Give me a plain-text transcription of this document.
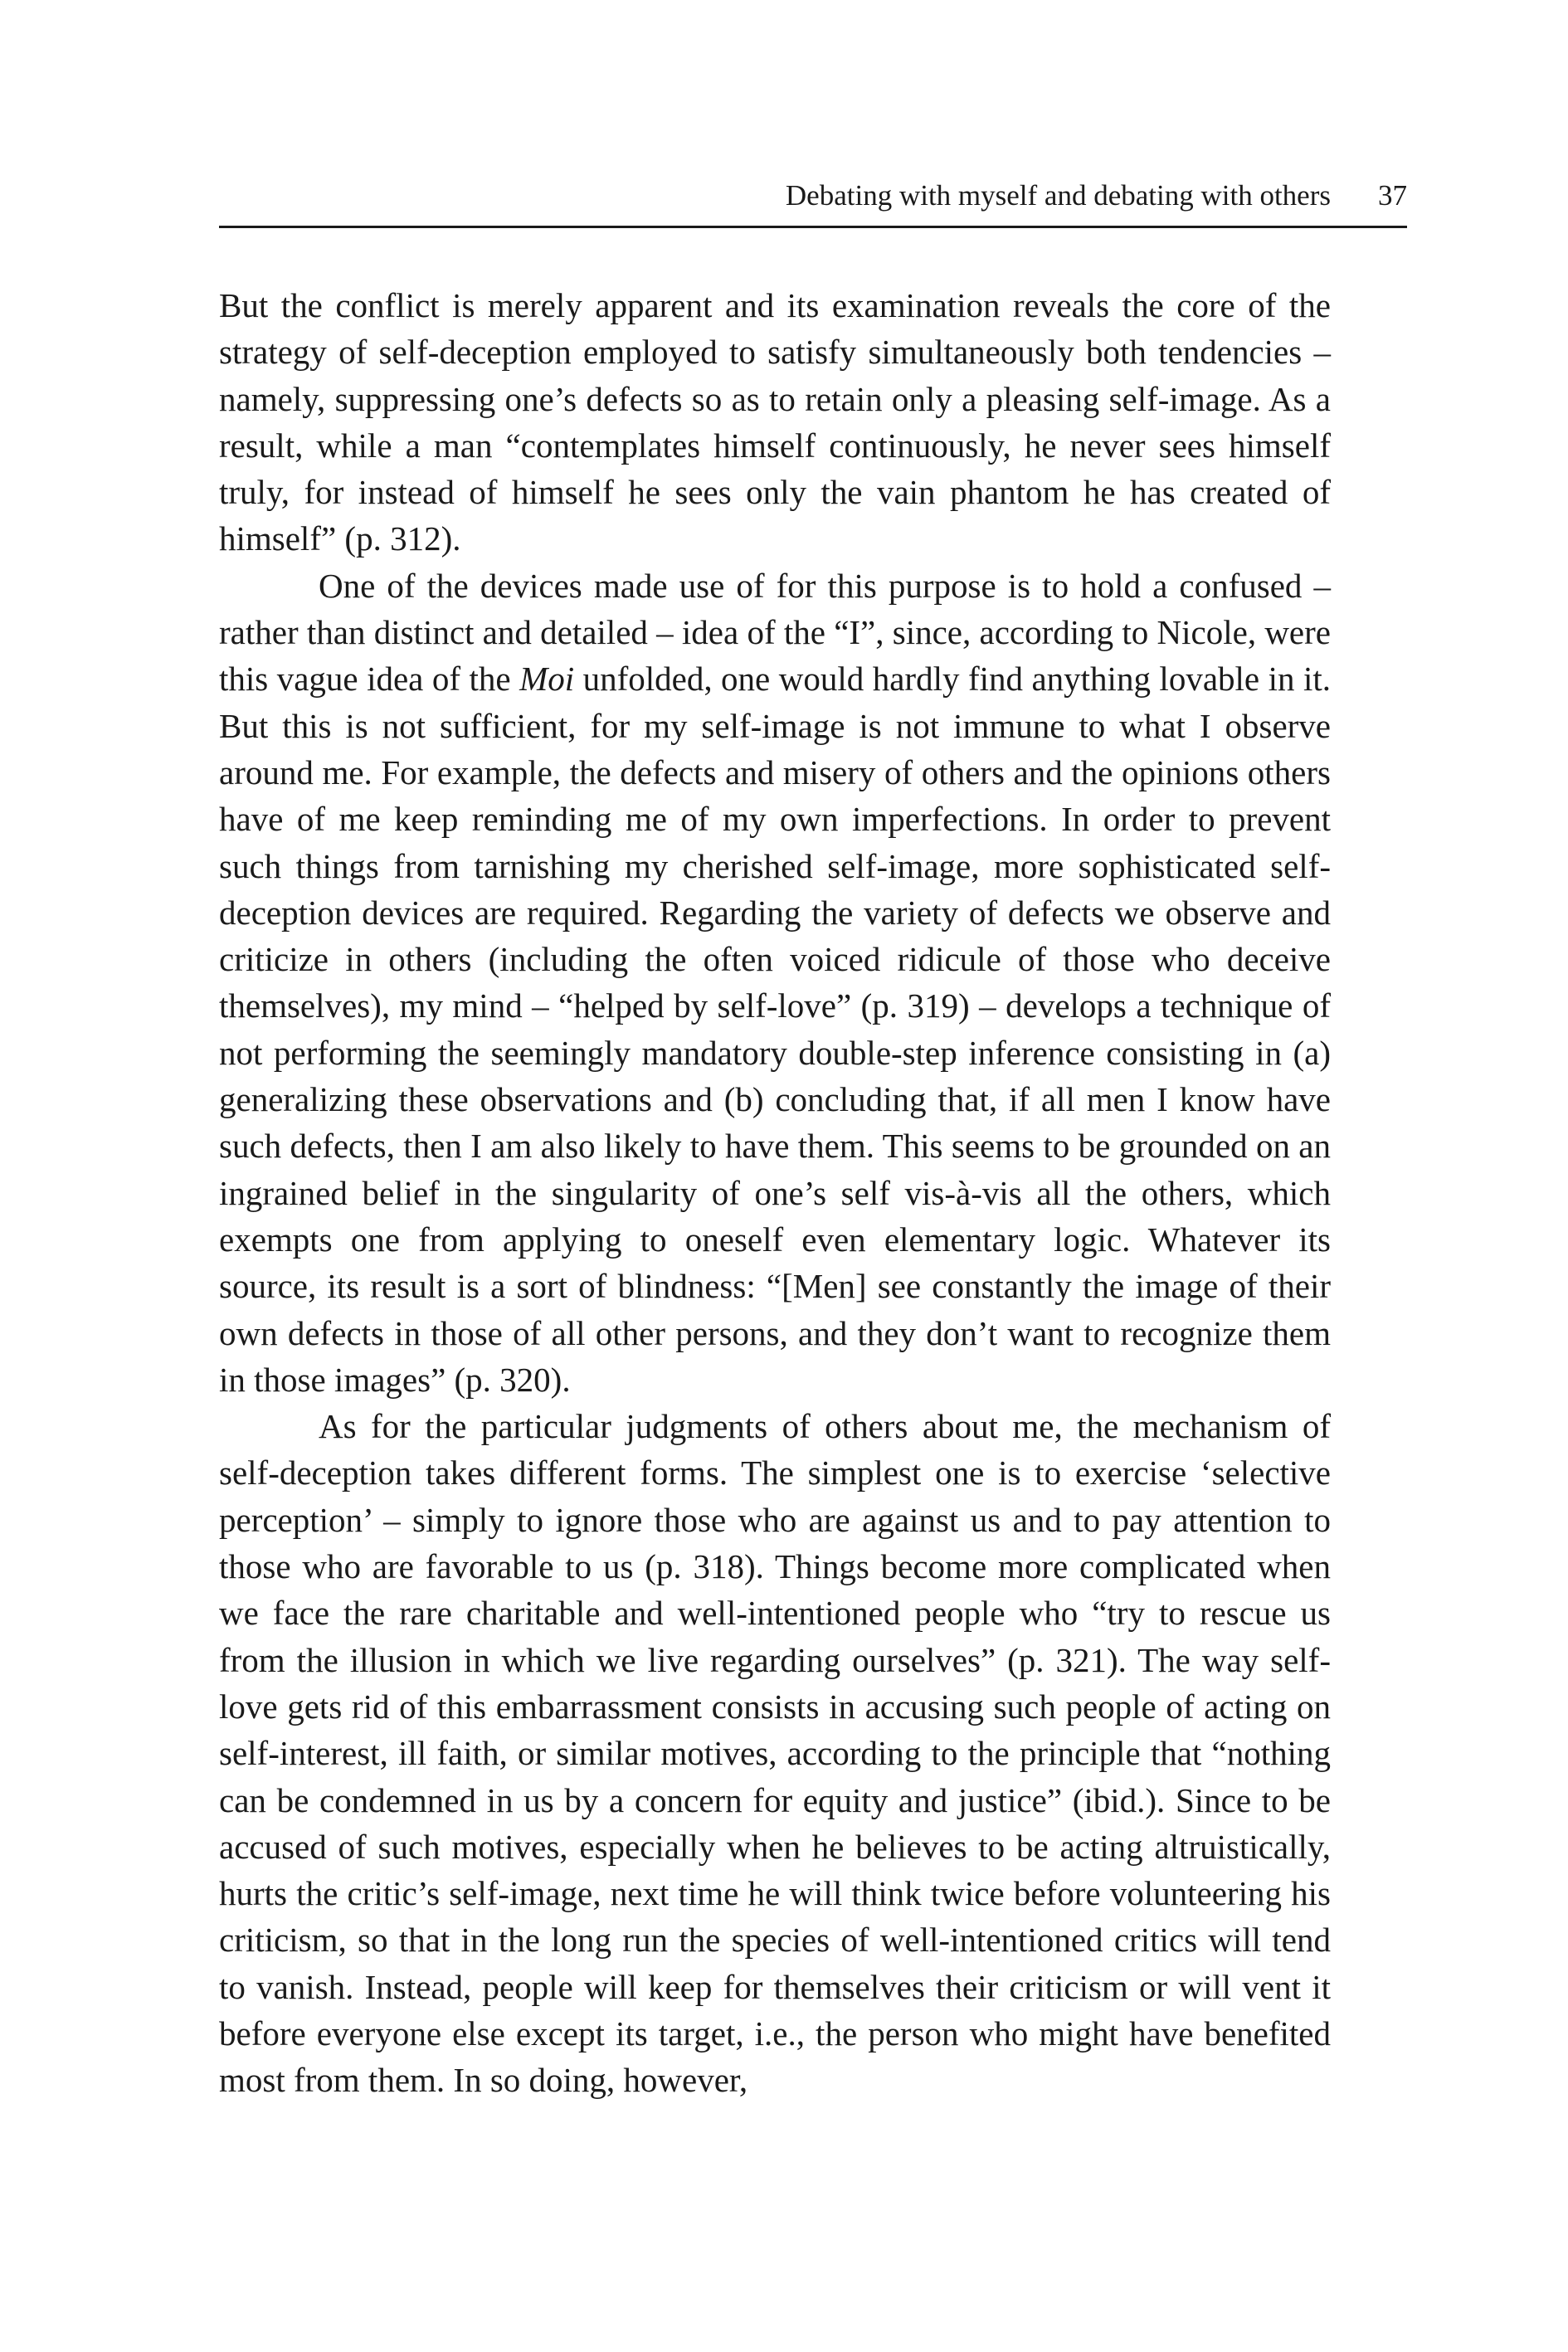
Debating with myself and debating with others 37

But the conflict is merely apparent and its examination reveals the core of the strategy of self-deception employed to satisfy simultaneously both tendencies – namely, suppressing one’s defects so as to retain only a pleasing self-image. As a result, while a man “contemplates himself continuously, he never sees himself truly, for instead of himself he sees only the vain phantom he has created of himself” (p. 312).

One of the devices made use of for this purpose is to hold a confused – rather than distinct and detailed – idea of the “I”, since, according to Nicole, were this vague idea of the Moi unfolded, one would hardly find anything lovable in it. But this is not sufficient, for my self-image is not immune to what I observe around me. For example, the defects and misery of others and the opinions others have of me keep reminding me of my own imperfections. In order to prevent such things from tarnishing my cherished self-image, more sophisticated self-deception devices are required. Regarding the variety of defects we observe and criticize in others (including the often voiced ridicule of those who deceive themselves), my mind – “helped by self-love” (p. 319) – develops a technique of not performing the seemingly mandatory double-step inference consisting in (a) generalizing these observations and (b) concluding that, if all men I know have such defects, then I am also likely to have them. This seems to be grounded on an ingrained belief in the singularity of one’s self vis-à-vis all the others, which exempts one from applying to oneself even elementary logic. Whatever its source, its result is a sort of blindness: “[Men] see constantly the image of their own defects in those of all other persons, and they don’t want to recognize them in those images” (p. 320).

As for the particular judgments of others about me, the mechanism of self-deception takes different forms. The simplest one is to exercise ‘selective perception’ – simply to ignore those who are against us and to pay attention to those who are favorable to us (p. 318). Things become more complicated when we face the rare charitable and well-intentioned people who “try to rescue us from the illusion in which we live regarding ourselves” (p. 321). The way self-love gets rid of this embarrassment consists in accusing such people of acting on self-interest, ill faith, or similar motives, according to the principle that “nothing can be condemned in us by a concern for equity and justice” (ibid.). Since to be accused of such motives, especially when he believes to be acting altruistically, hurts the critic’s self-image, next time he will think twice before volunteering his criticism, so that in the long run the species of well-intentioned critics will tend to vanish. Instead, people will keep for themselves their criticism or will vent it before everyone else except its target, i.e., the person who might have benefited most from them. In so doing, however,
